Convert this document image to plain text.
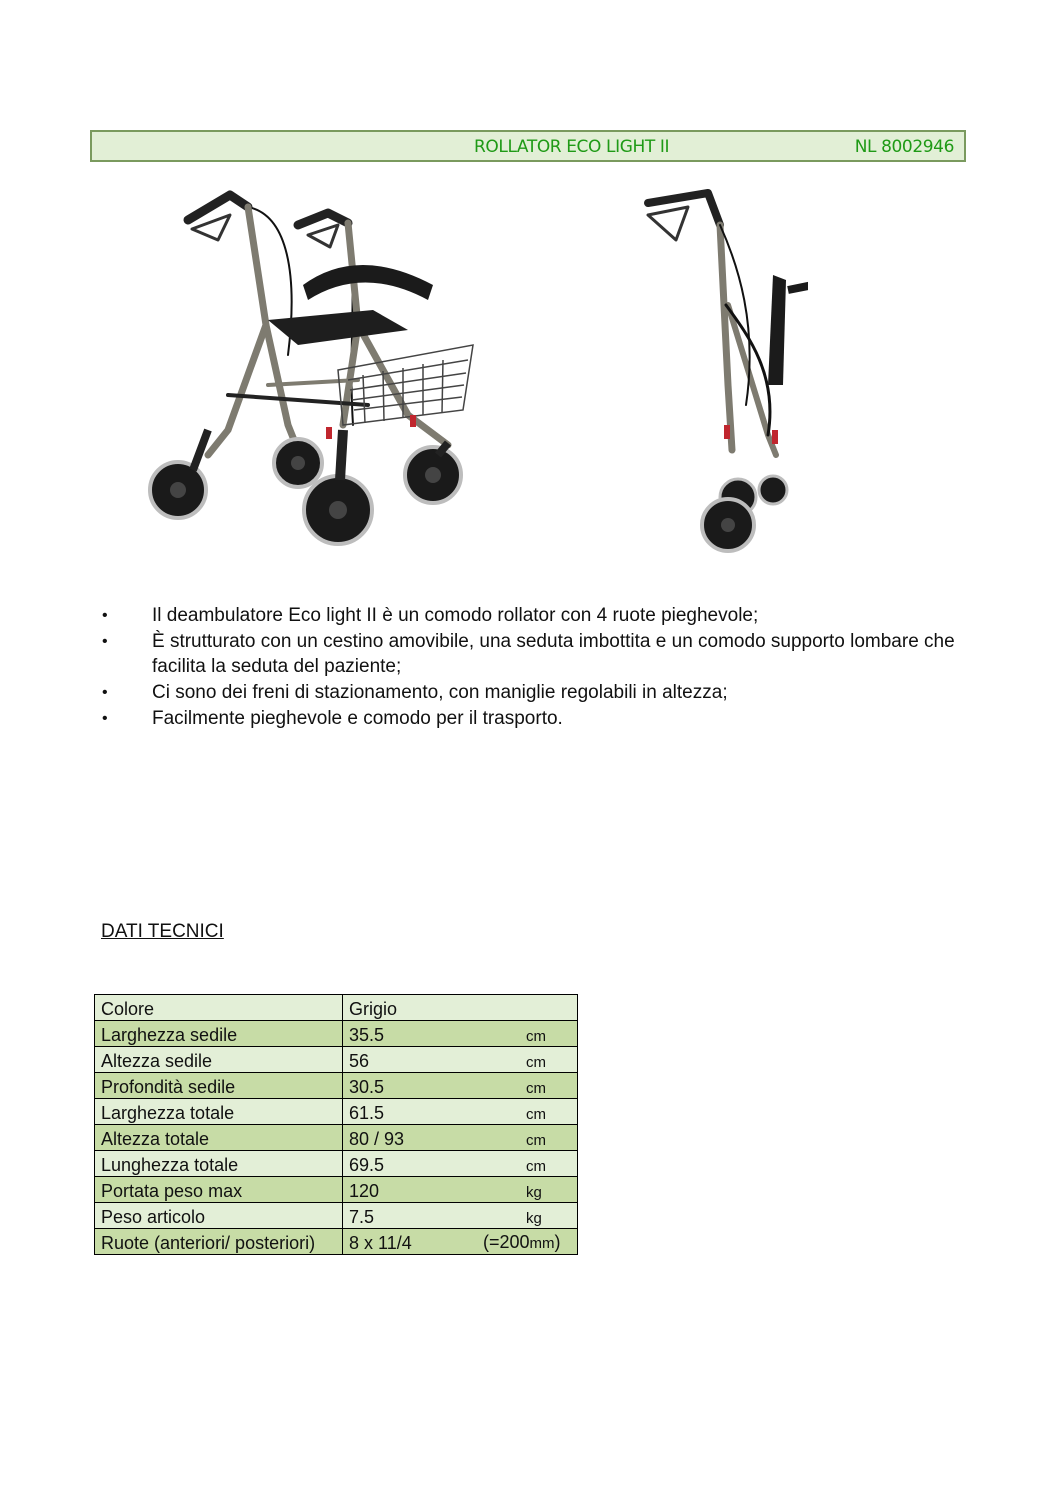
ROLLATOR ECO LIGHT II	NL 8002946
• Il deambulatore Eco light II è un comodo rollator con 4 ruote pieghevole;
• È strutturato con un cestino amovibile, una seduta imbottita e un comodo supporto lombare che facilita la seduta del paziente;
• Ci sono dei freni di stazionamento, con maniglie regolabili in altezza;
• Facilmente pieghevole e comodo per il trasporto.
DATI TECNICI
Colore	Grigio
Larghezza sedile	35.5 cm

Altezza sedile	56 cm

Profondità sedile	30.5 cm

Larghezza totale	61.5 cm

Altezza totale	80 / 93 cm

Lunghezza totale	69.5 cm

Portata peso max	120 kg

Peso articolo	7.5 kg

Ruote (anteriori/ posteriori)	8 x 11/4 (=200mm)
